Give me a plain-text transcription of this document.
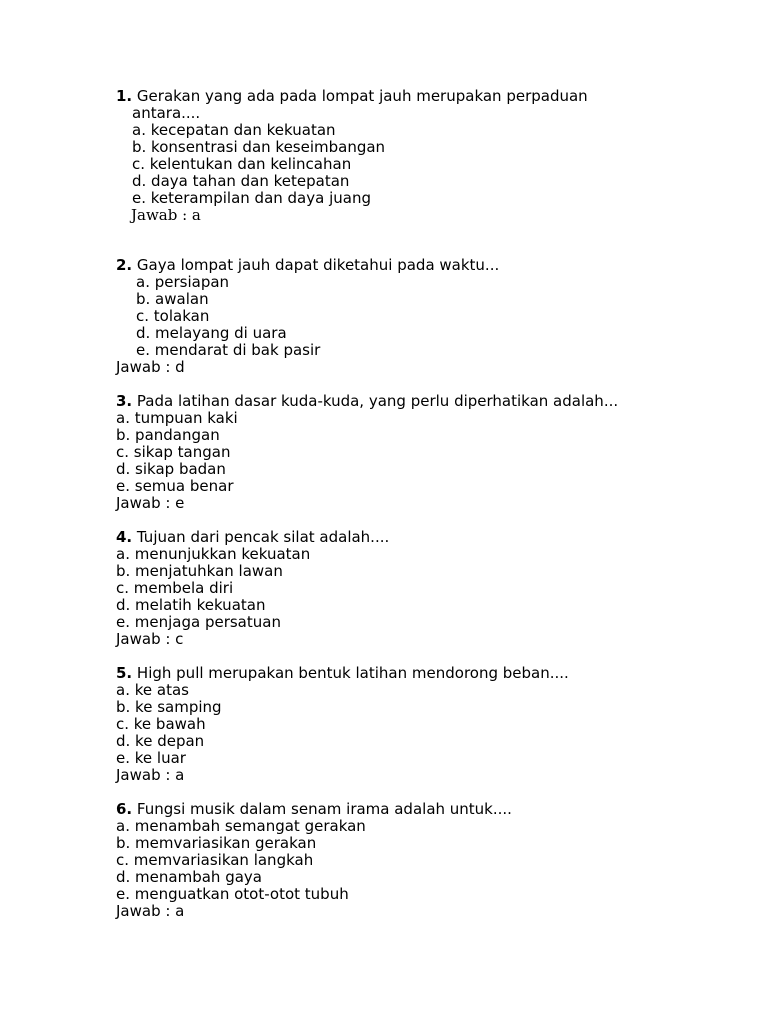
1. Gerakan yang ada pada lompat jauh merupakan perpaduan
antara....
a. kecepatan dan kekuatan
b. konsentrasi dan keseimbangan
c. kelentukan dan kelincahan
d. daya tahan dan ketepatan
e. keterampilan dan daya juang
Jawab : a
2. Gaya lompat jauh dapat diketahui pada waktu...
a. persiapan
b. awalan
c. tolakan
d. melayang di uara
e. mendarat di bak pasir
Jawab : d
3. Pada latihan dasar kuda-kuda, yang perlu diperhatikan adalah...
a. tumpuan kaki
b. pandangan
c. sikap tangan
d. sikap badan
e. semua benar
Jawab : e
4. Tujuan dari pencak silat adalah....
a. menunjukkan kekuatan
b. menjatuhkan lawan
c. membela diri
d. melatih kekuatan
e. menjaga persatuan
Jawab : c
5. High pull merupakan bentuk latihan mendorong beban....
a. ke atas
b. ke samping
c. ke bawah
d. ke depan
e. ke luar
Jawab : a
6. Fungsi musik dalam senam irama adalah untuk....
a. menambah semangat gerakan
b. memvariasikan gerakan
c. memvariasikan langkah
d. menambah gaya
e. menguatkan otot-otot tubuh
Jawab : a
